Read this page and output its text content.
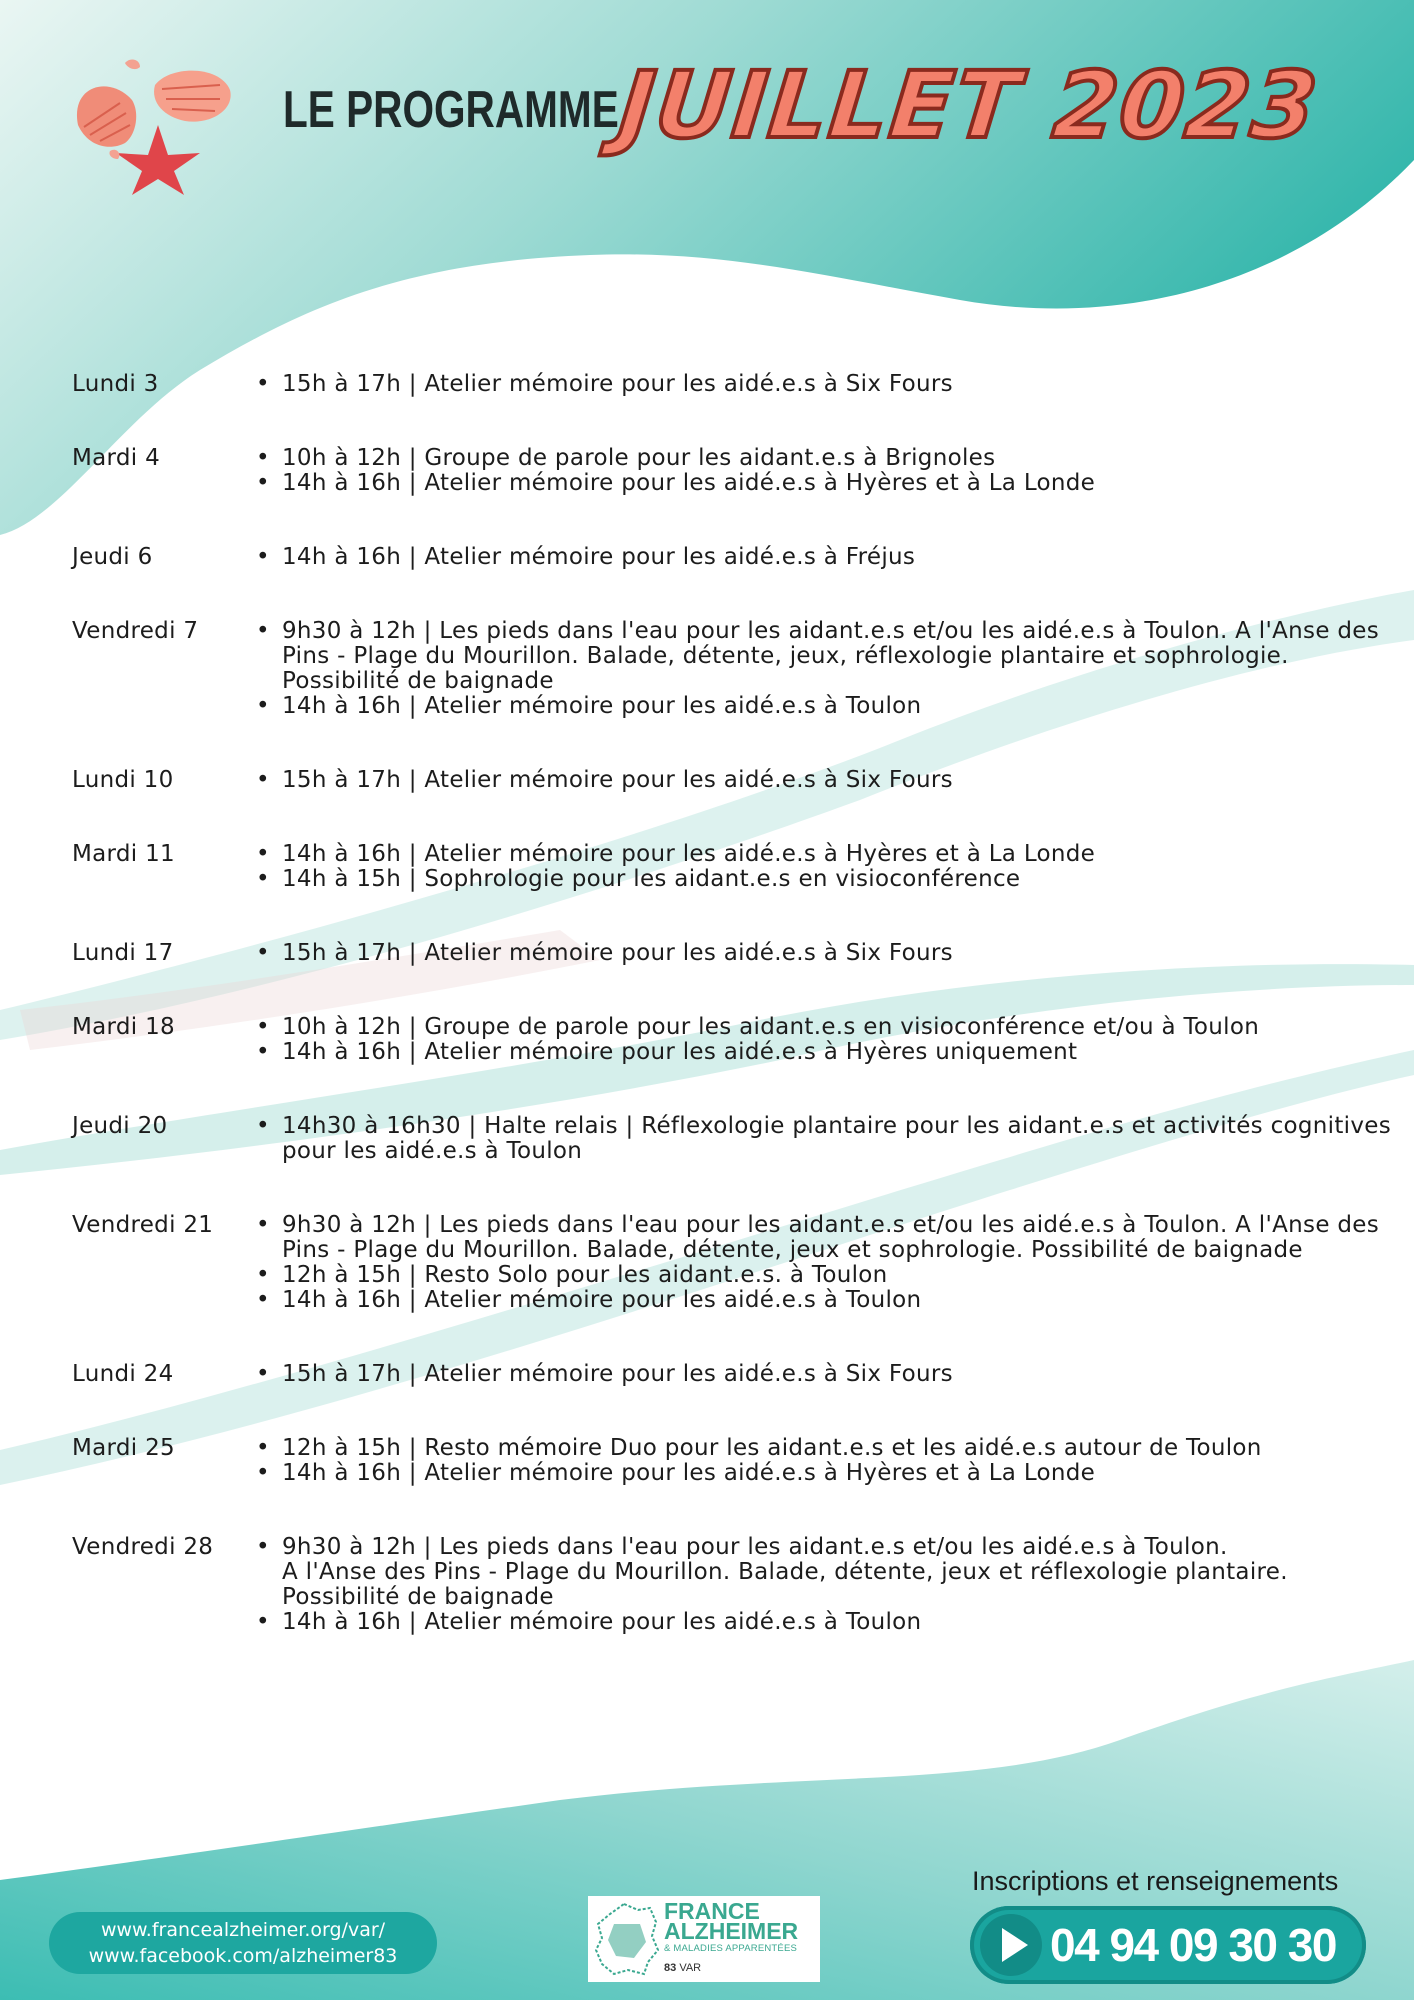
LE PROGRAMME
JUILLET 2023
Lundi 3	• 15h à 17h | Atelier mémoire pour les aidé.e.s à Six Fours
Mardi 4	• 10h à 12h | Groupe de parole pour les aidant.e.s à Brignoles
• 14h à 16h | Atelier mémoire pour les aidé.e.s à Hyères et à La Londe
Jeudi 6	• 14h à 16h | Atelier mémoire pour les aidé.e.s à Fréjus
Vendredi 7	• 9h30 à 12h | Les pieds dans l'eau pour les aidant.e.s et/ou les aidé.e.s à Toulon. A l'Anse des Pins - Plage du Mourillon. Balade, détente, jeux, réflexologie plantaire et sophrologie. Possibilité de baignade
• 14h à 16h | Atelier mémoire pour les aidé.e.s à Toulon
Lundi 10	• 15h à 17h | Atelier mémoire pour les aidé.e.s à Six Fours
Mardi 11	• 14h à 16h | Atelier mémoire pour les aidé.e.s à Hyères et à La Londe
• 14h à 15h | Sophrologie pour les aidant.e.s en visioconférence
Lundi 17	• 15h à 17h | Atelier mémoire pour les aidé.e.s à Six Fours
Mardi 18	• 10h à 12h | Groupe de parole pour les aidant.e.s en visioconférence et/ou à Toulon
• 14h à 16h | Atelier mémoire pour les aidé.e.s à Hyères uniquement
Jeudi 20	• 14h30 à 16h30 | Halte relais | Réflexologie plantaire pour les aidant.e.s et activités cognitives pour les aidé.e.s à Toulon
Vendredi 21	• 9h30 à 12h | Les pieds dans l'eau pour les aidant.e.s et/ou les aidé.e.s à Toulon. A l'Anse des Pins - Plage du Mourillon. Balade, détente, jeux et sophrologie. Possibilité de baignade
• 12h à 15h | Resto Solo pour les aidant.e.s. à Toulon
• 14h à 16h | Atelier mémoire pour les aidé.e.s à Toulon
Lundi 24	• 15h à 17h | Atelier mémoire pour les aidé.e.s à Six Fours
Mardi 25	• 12h à 15h | Resto mémoire Duo pour les aidant.e.s et les aidé.e.s autour de Toulon
• 14h à 16h | Atelier mémoire pour les aidé.e.s à Hyères et à La Londe
Vendredi 28	• 9h30 à 12h | Les pieds dans l'eau pour les aidant.e.s et/ou les aidé.e.s à Toulon.
A l'Anse des Pins - Plage du Mourillon. Balade, détente, jeux et réflexologie plantaire.
Possibilité de baignade
• 14h à 16h | Atelier mémoire pour les aidé.e.s à Toulon
www.francealzheimer.org/var/
www.facebook.com/alzheimer83
FRANCE
ALZHEIMER
& MALADIES APPARENTÉES
83 VAR
Inscriptions et renseignements
04 94 09 30 30
